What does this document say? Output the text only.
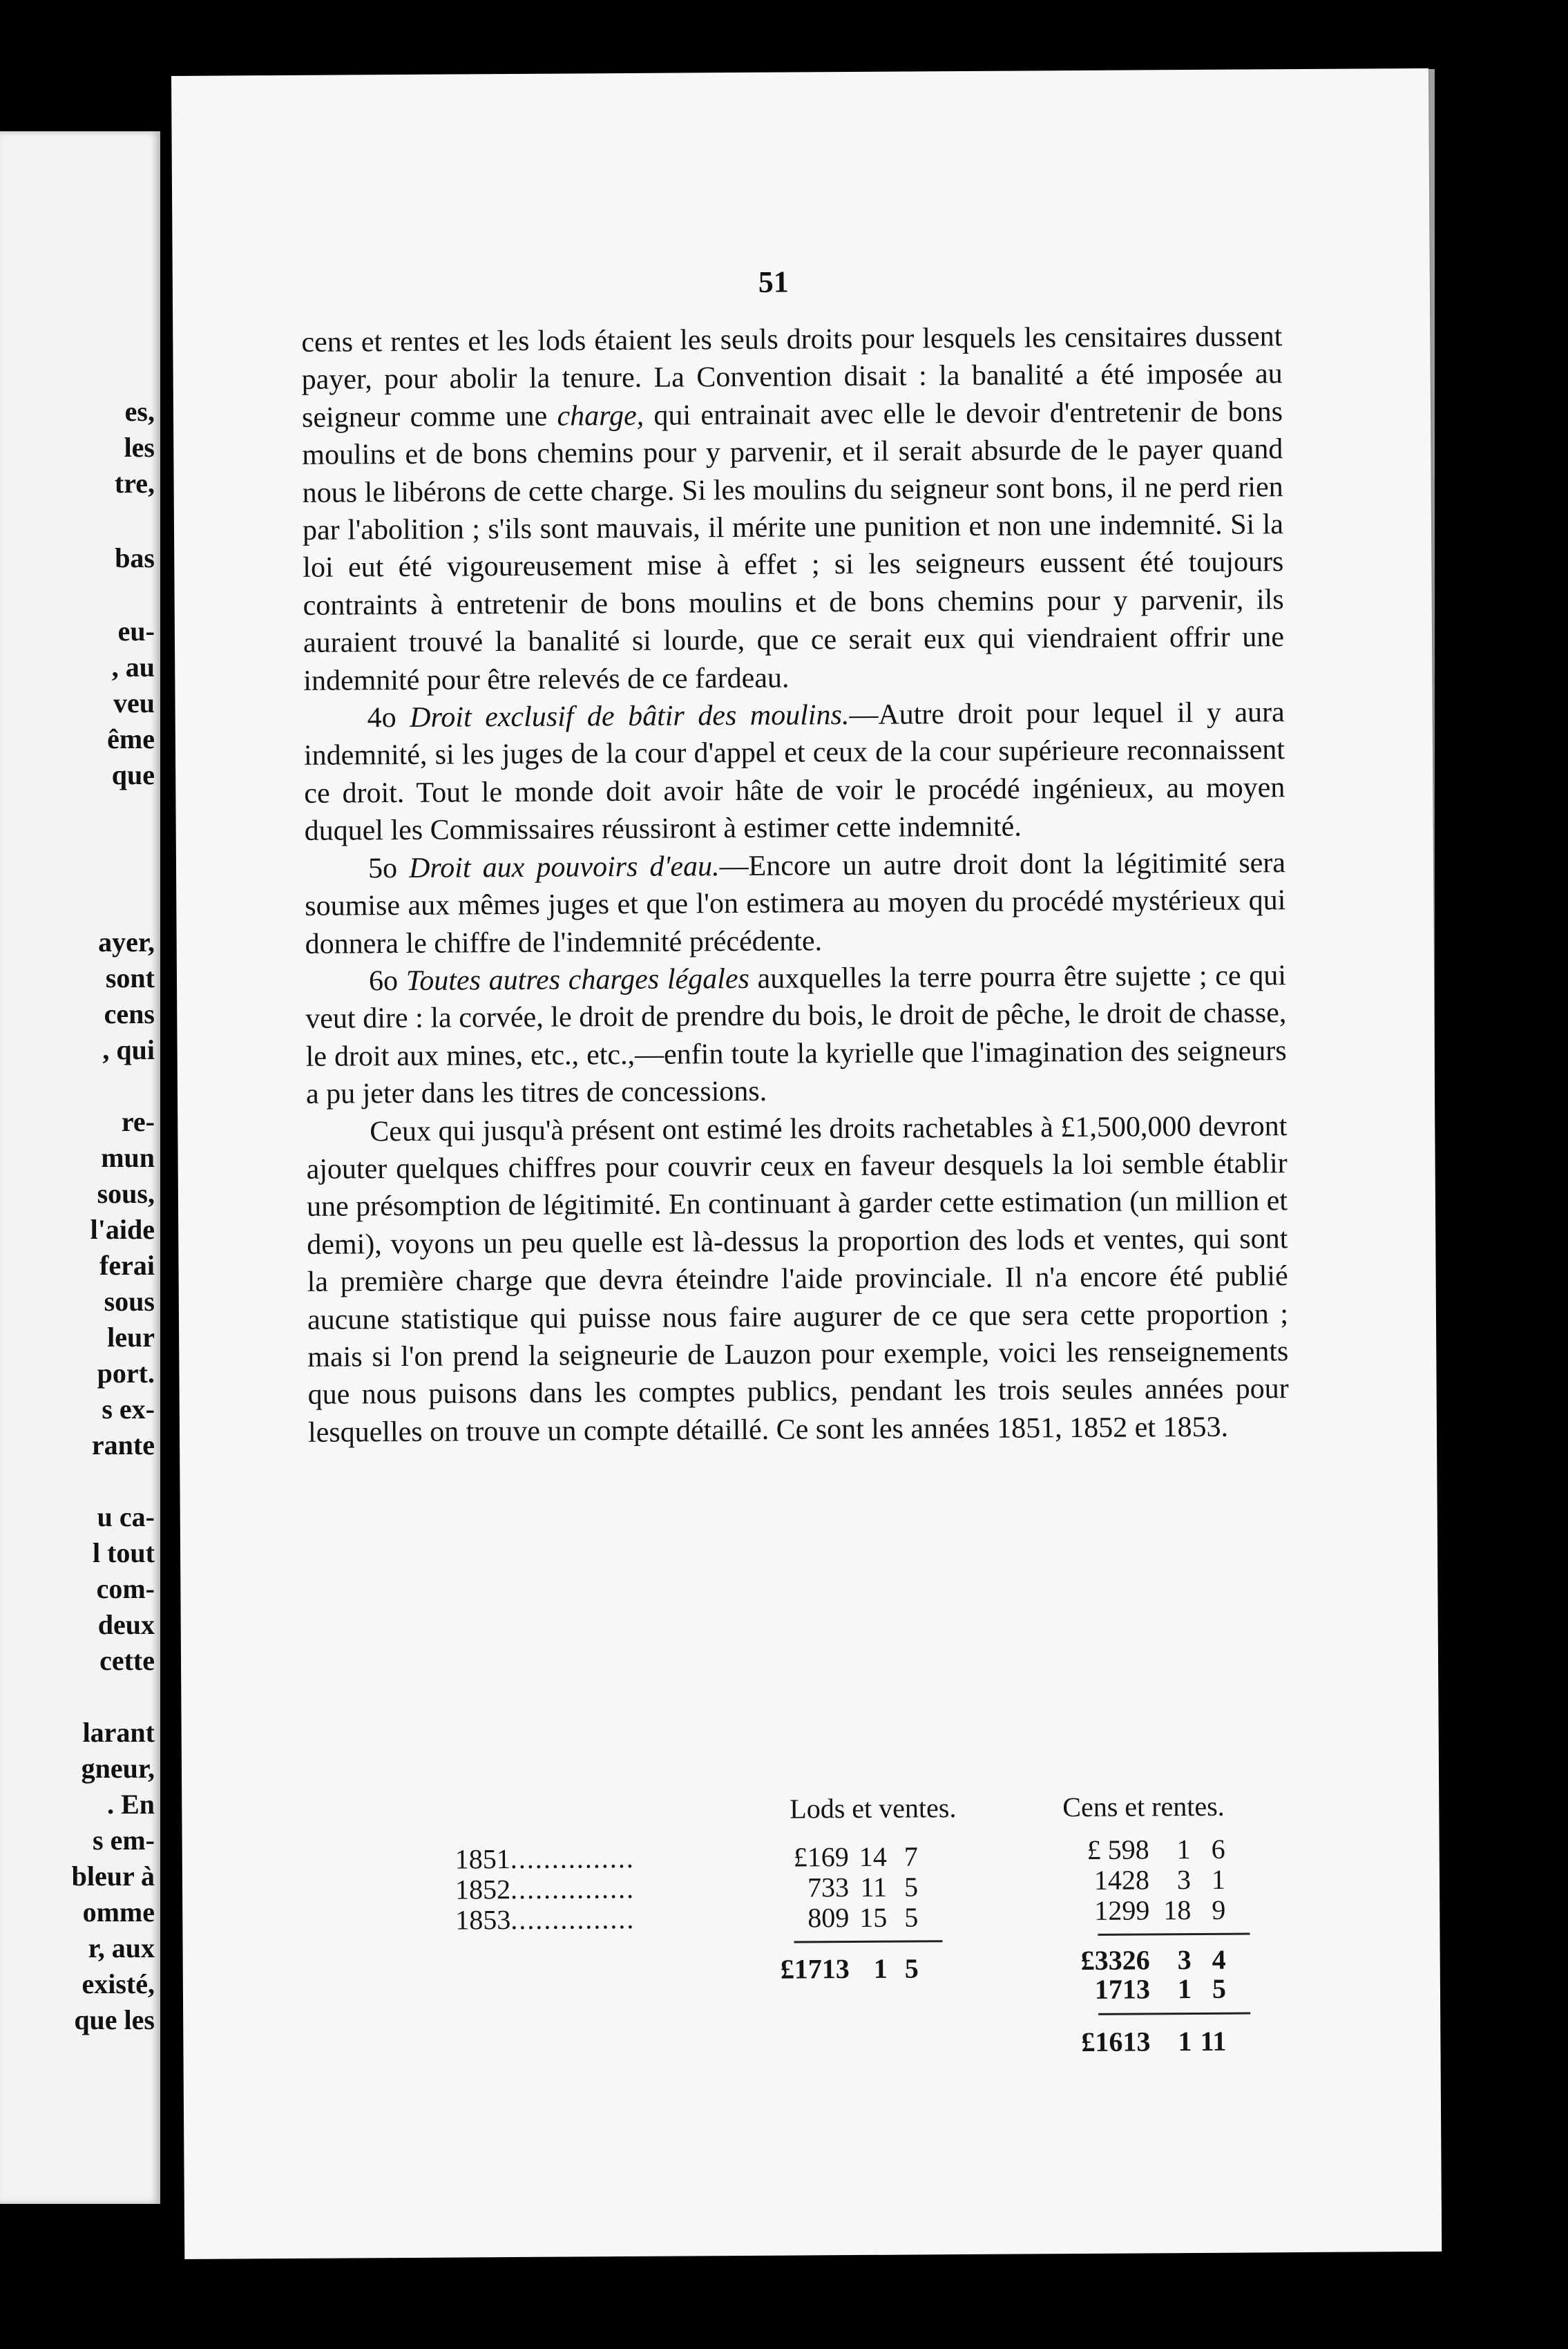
es,
les
tre,
bas
eu-
, au
veu
ême
que
ayer,
sont
cens
, qui
re-
mun
sous,
l'aide
ferai
sous
leur
port.
s ex-
rante
u ca-
l tout
com-
deux
cette
larant
gneur,
. En
s em-
bleur à
omme
r, aux
existé,
que les
51

cens et rentes et les lods étaient les seuls droits pour lesquels les censitaires dussent payer, pour abolir la tenure. La Convention disait : la banalité a été imposée au seigneur comme une charge, qui entrainait avec elle le devoir d'entretenir de bons moulins et de bons chemins pour y parvenir, et il serait absurde de le payer quand nous le libérons de cette charge. Si les moulins du seigneur sont bons, il ne perd rien par l'abolition ; s'ils sont mauvais, il mérite une punition et non une indemnité. Si la loi eut été vigoureusement mise à effet ; si les seigneurs eussent été toujours contraints à entretenir de bons moulins et de bons chemins pour y parvenir, ils auraient trouvé la banalité si lourde, que ce serait eux qui viendraient offrir une indemnité pour être relevés de ce fardeau.

4o Droit exclusif de bâtir des moulins.—Autre droit pour lequel il y aura indemnité, si les juges de la cour d'appel et ceux de la cour supérieure reconnaissent ce droit. Tout le monde doit avoir hâte de voir le procédé ingénieux, au moyen duquel les Commissaires réussiront à estimer cette indemnité.

5o Droit aux pouvoirs d'eau.—Encore un autre droit dont la légitimité sera soumise aux mêmes juges et que l'on estimera au moyen du procédé mystérieux qui donnera le chiffre de l'indemnité précédente.

6o Toutes autres charges légales auxquelles la terre pourra être sujette ; ce qui veut dire : la corvée, le droit de prendre du bois, le droit de pêche, le droit de chasse, le droit aux mines, etc., etc.,—enfin toute la kyrielle que l'imagination des seigneurs a pu jeter dans les titres de concessions.

Ceux qui jusqu'à présent ont estimé les droits rachetables à £1,500,000 devront ajouter quelques chiffres pour couvrir ceux en faveur desquels la loi semble établir une présomption de légitimité. En continuant à garder cette estimation (un million et demi), voyons un peu quelle est là-dessus la proportion des lods et ventes, qui sont la première charge que devra éteindre l'aide provinciale. Il n'a encore été publié aucune statistique qui puisse nous faire augurer de ce que sera cette proportion ; mais si l'on prend la seigneurie de Lauzon pour exemple, voici les renseignements que nous puisons dans les comptes publics, pendant les trois seules années pour lesquelles on trouve un compte détaillé. Ce sont les années 1851, 1852 et 1853.

Lods et ventes.	Cens et rentes.
1851...............
1852...............
1853...............
£169 14 7
733 11 5
809 15 5
£1713 1 5
£ 598 1 6
1428 3 1
1299 18 9
£3326 3 4
1713 1 5
£1613 1 11
